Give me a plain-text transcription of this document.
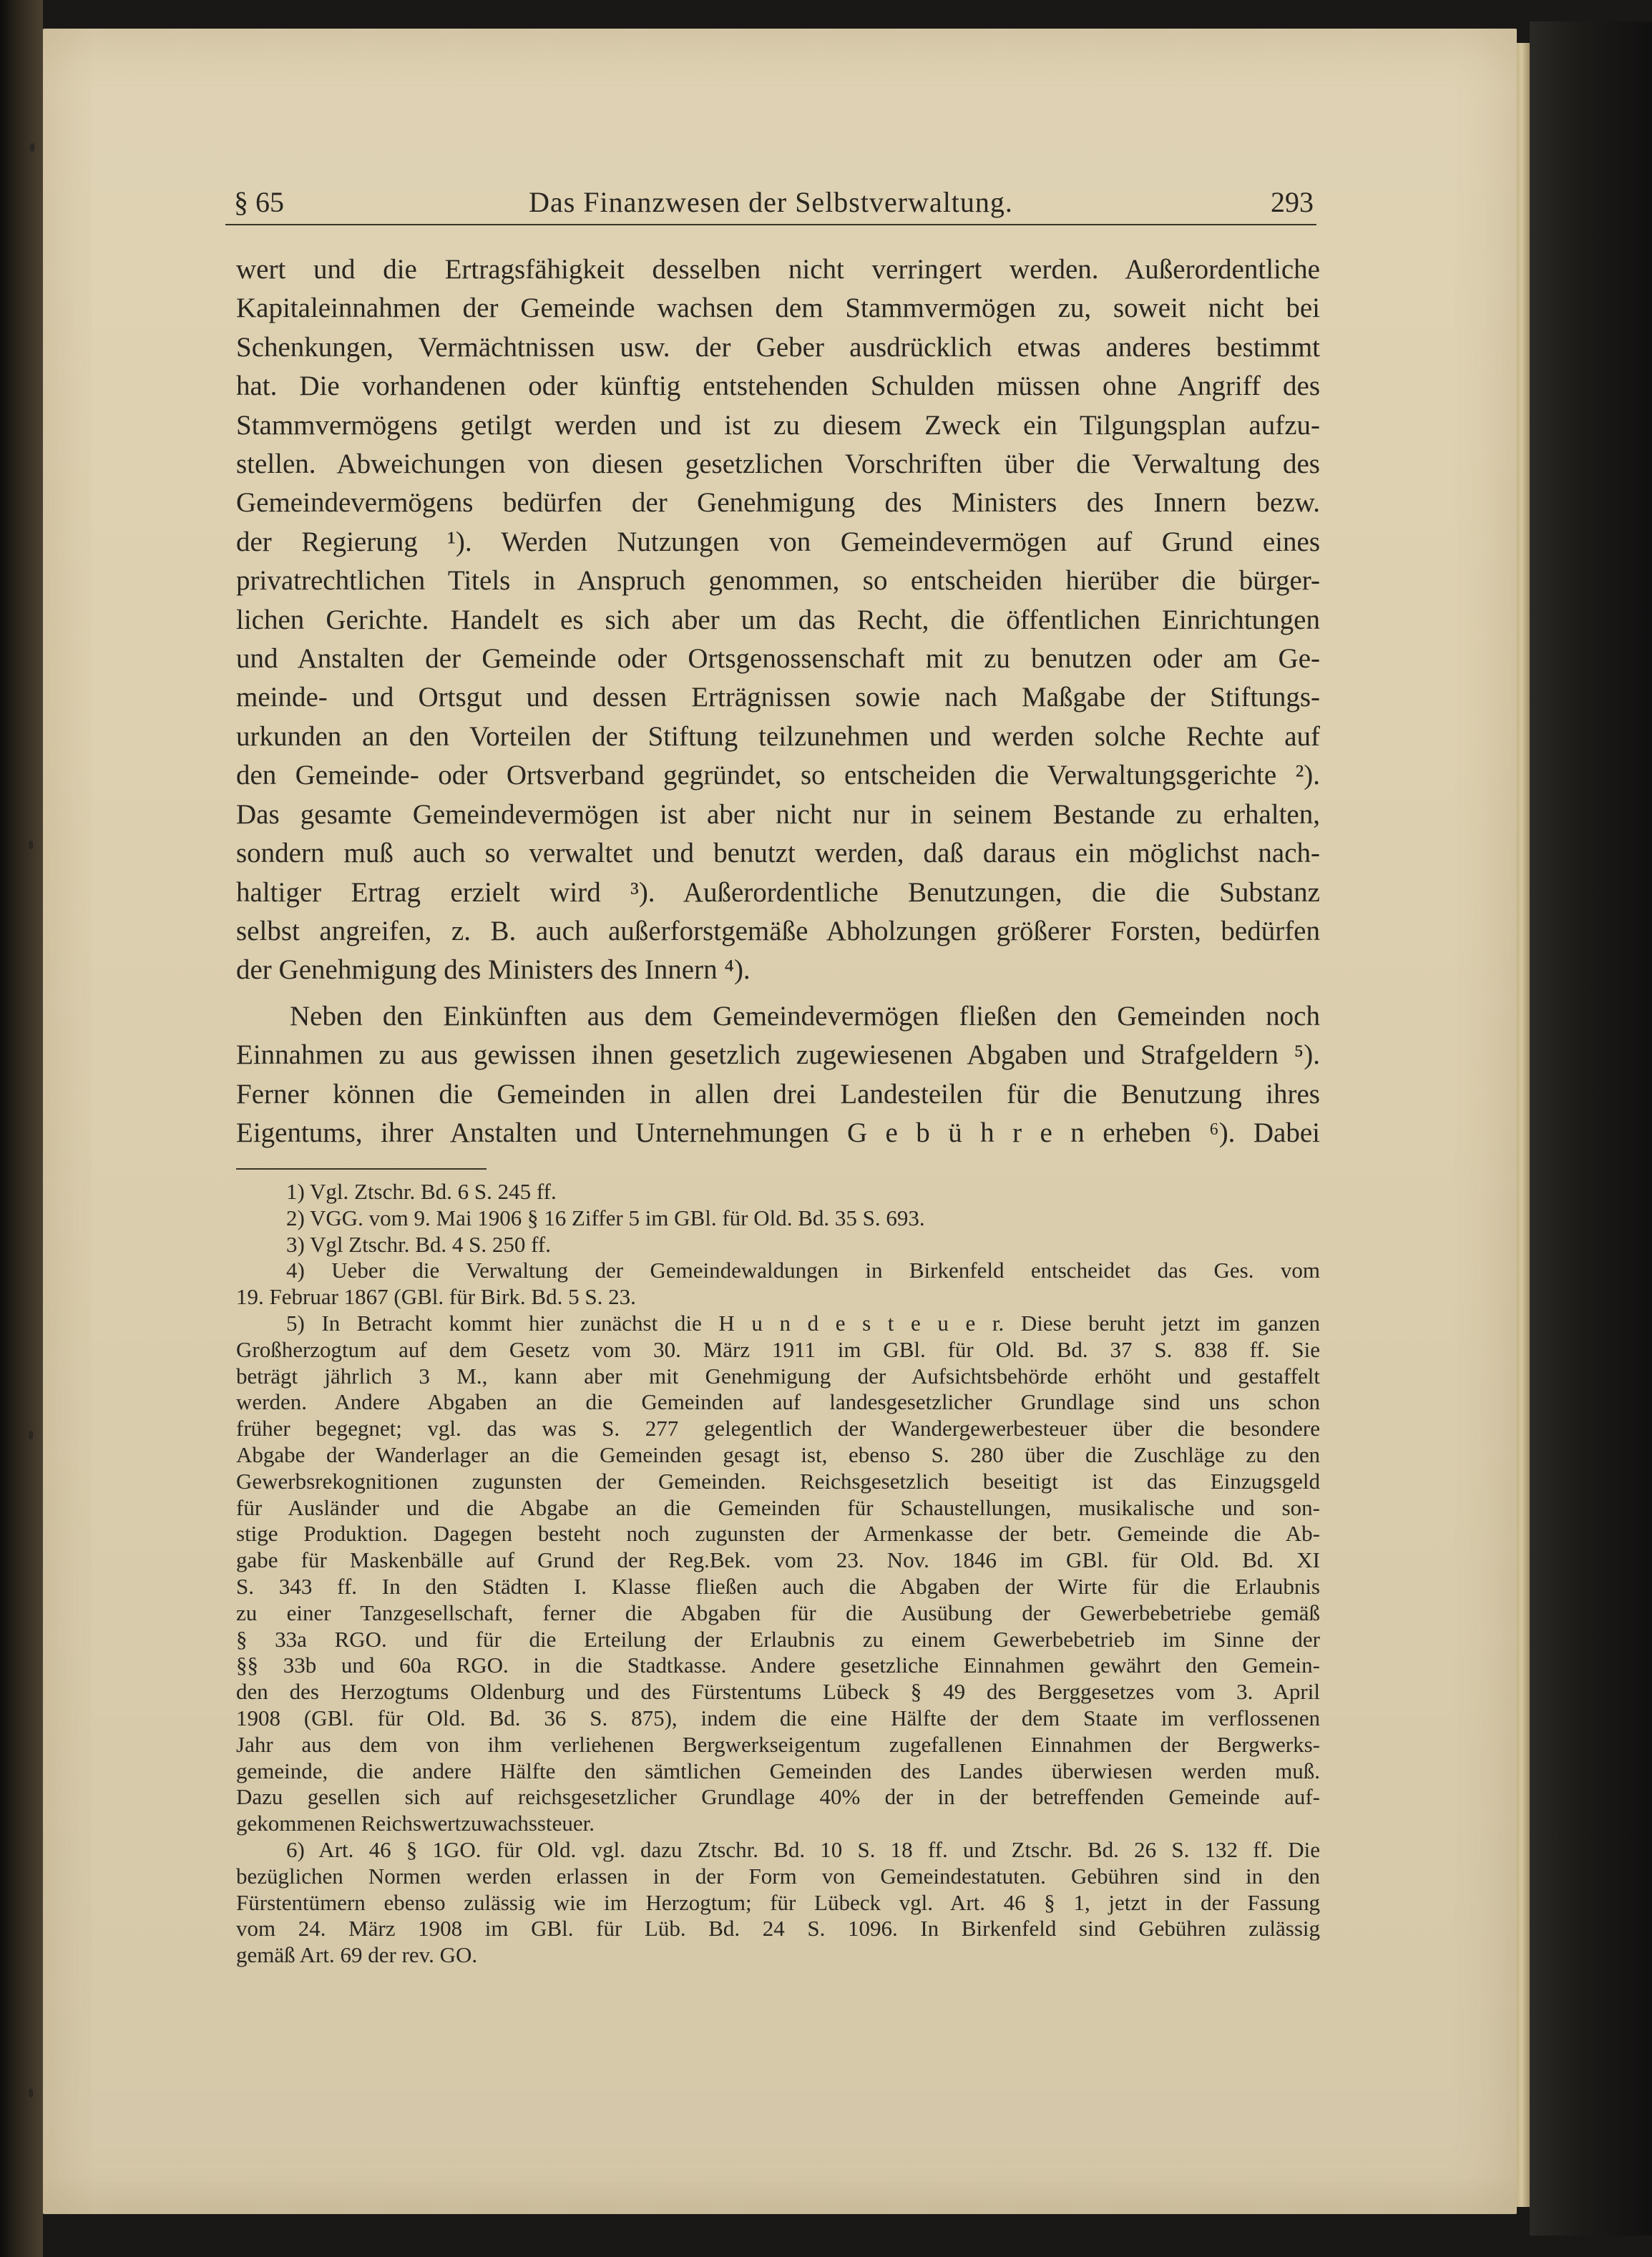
§ 65	Das Finanzwesen der Selbstverwaltung.	293

wert und die Ertragsfähigkeit desselben nicht verringert werden. Außerordentliche

Kapitaleinnahmen der Gemeinde wachsen dem Stammvermögen zu, soweit nicht bei

Schenkungen, Vermächtnissen usw. der Geber ausdrücklich etwas anderes bestimmt

hat. Die vorhandenen oder künftig entstehenden Schulden müssen ohne Angriff des

Stammvermögens getilgt werden und ist zu diesem Zweck ein Tilgungsplan aufzu-

stellen. Abweichungen von diesen gesetzlichen Vorschriften über die Verwaltung des

Gemeindevermögens bedürfen der Genehmigung des Ministers des Innern bezw.

der Regierung ¹). Werden Nutzungen von Gemeindevermögen auf Grund eines

privatrechtlichen Titels in Anspruch genommen, so entscheiden hierüber die bürger-

lichen Gerichte. Handelt es sich aber um das Recht, die öffentlichen Einrichtungen

und Anstalten der Gemeinde oder Ortsgenossenschaft mit zu benutzen oder am Ge-

meinde- und Ortsgut und dessen Erträgnissen sowie nach Maßgabe der Stiftungs-

urkunden an den Vorteilen der Stiftung teilzunehmen und werden solche Rechte auf

den Gemeinde- oder Ortsverband gegründet, so entscheiden die Verwaltungsgerichte ²).

Das gesamte Gemeindevermögen ist aber nicht nur in seinem Bestande zu erhalten,

sondern muß auch so verwaltet und benutzt werden, daß daraus ein möglichst nach-

haltiger Ertrag erzielt wird ³). Außerordentliche Benutzungen, die die Substanz

selbst angreifen, z. B. auch außerforstgemäße Abholzungen größerer Forsten, bedürfen

der Genehmigung des Ministers des Innern ⁴).

Neben den Einkünften aus dem Gemeindevermögen fließen den Gemeinden noch

Einnahmen zu aus gewissen ihnen gesetzlich zugewiesenen Abgaben und Strafgeldern ⁵).

Ferner können die Gemeinden in allen drei Landesteilen für die Benutzung ihres

Eigentums, ihrer Anstalten und Unternehmungen G e b ü h r e n erheben ⁶). Dabei

1) Vgl. Ztschr. Bd. 6 S. 245 ff.
2) VGG. vom 9. Mai 1906 § 16 Ziffer 5 im GBl. für Old. Bd. 35 S. 693.
3) Vgl Ztschr. Bd. 4 S. 250 ff.
4) Ueber die Verwaltung der Gemeindewaldungen in Birkenfeld entscheidet das Ges. vom
19. Februar 1867 (GBl. für Birk. Bd. 5 S. 23.
5) In Betracht kommt hier zunächst die H u n d e s t e u e r. Diese beruht jetzt im ganzen
Großherzogtum auf dem Gesetz vom 30. März 1911 im GBl. für Old. Bd. 37 S. 838 ff. Sie
beträgt jährlich 3 M., kann aber mit Genehmigung der Aufsichtsbehörde erhöht und gestaffelt
werden. Andere Abgaben an die Gemeinden auf landesgesetzlicher Grundlage sind uns schon
früher begegnet; vgl. das was S. 277 gelegentlich der Wandergewerbesteuer über die besondere
Abgabe der Wanderlager an die Gemeinden gesagt ist, ebenso S. 280 über die Zuschläge zu den
Gewerbsrekognitionen zugunsten der Gemeinden. Reichsgesetzlich beseitigt ist das Einzugsgeld
für Ausländer und die Abgabe an die Gemeinden für Schaustellungen, musikalische und son-
stige Produktion. Dagegen besteht noch zugunsten der Armenkasse der betr. Gemeinde die Ab-
gabe für Maskenbälle auf Grund der Reg.Bek. vom 23. Nov. 1846 im GBl. für Old. Bd. XI
S. 343 ff. In den Städten I. Klasse fließen auch die Abgaben der Wirte für die Erlaubnis
zu einer Tanzgesellschaft, ferner die Abgaben für die Ausübung der Gewerbebetriebe gemäß
§ 33a RGO. und für die Erteilung der Erlaubnis zu einem Gewerbebetrieb im Sinne der
§§ 33b und 60a RGO. in die Stadtkasse. Andere gesetzliche Einnahmen gewährt den Gemein-
den des Herzogtums Oldenburg und des Fürstentums Lübeck § 49 des Berggesetzes vom 3. April
1908 (GBl. für Old. Bd. 36 S. 875), indem die eine Hälfte der dem Staate im verflossenen
Jahr aus dem von ihm verliehenen Bergwerkseigentum zugefallenen Einnahmen der Bergwerks-
gemeinde, die andere Hälfte den sämtlichen Gemeinden des Landes überwiesen werden muß.
Dazu gesellen sich auf reichsgesetzlicher Grundlage 40% der in der betreffenden Gemeinde auf-
gekommenen Reichswertzuwachssteuer.
6) Art. 46 § 1GO. für Old. vgl. dazu Ztschr. Bd. 10 S. 18 ff. und Ztschr. Bd. 26 S. 132 ff. Die
bezüglichen Normen werden erlassen in der Form von Gemeindestatuten. Gebühren sind in den
Fürstentümern ebenso zulässig wie im Herzogtum; für Lübeck vgl. Art. 46 § 1, jetzt in der Fassung
vom 24. März 1908 im GBl. für Lüb. Bd. 24 S. 1096. In Birkenfeld sind Gebühren zulässig
gemäß Art. 69 der rev. GO.
